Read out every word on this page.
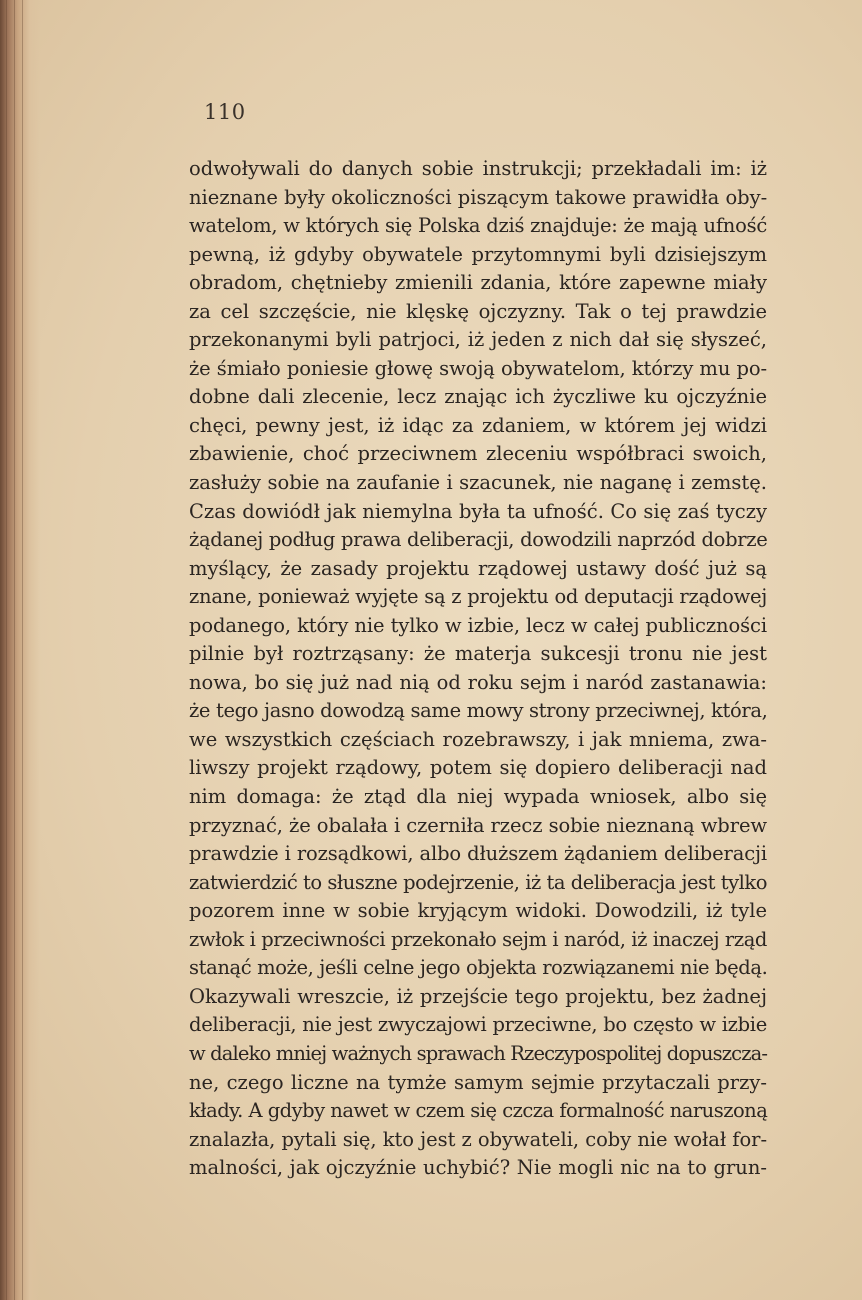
110
odwoływali do danych sobie instrukcji; przekładali im: iż
nieznane były okoliczności piszącym takowe prawidła oby-
watelom, w których się Polska dziś znajduje: że mają ufność
pewną, iż gdyby obywatele przytomnymi byli dzisiejszym
obradom, chętnieby zmienili zdania, które zapewne miały
za cel szczęście, nie klęskę ojczyzny. Tak o tej prawdzie
przekonanymi byli patrjoci, iż jeden z nich dał się słyszeć,
że śmiało poniesie głowę swoją obywatelom, którzy mu po-
dobne dali zlecenie, lecz znając ich życzliwe ku ojczyźnie
chęci, pewny jest, iż idąc za zdaniem, w którem jej widzi
zbawienie, choć przeciwnem zleceniu współbraci swoich,
zasłuży sobie na zaufanie i szacunek, nie naganę i zemstę.
Czas dowiódł jak niemylna była ta ufność. Co się zaś tyczy
żądanej podług prawa deliberacji, dowodzili naprzód dobrze
myślący, że zasady projektu rządowej ustawy dość już są
znane, ponieważ wyjęte są z projektu od deputacji rządowej
podanego, który nie tylko w izbie, lecz w całej publiczności
pilnie był roztrząsany: że materja sukcesji tronu nie jest
nowa, bo się już nad nią od roku sejm i naród zastanawia:
że tego jasno dowodzą same mowy strony przeciwnej, która,
we wszystkich częściach rozebrawszy, i jak mniema, zwa-
liwszy projekt rządowy, potem się dopiero deliberacji nad
nim domaga: że ztąd dla niej wypada wniosek, albo się
przyznać, że obalała i czerniła rzecz sobie nieznaną wbrew
prawdzie i rozsądkowi, albo dłuższem żądaniem deliberacji
zatwierdzić to słuszne podejrzenie, iż ta deliberacja jest tylko
pozorem inne w sobie kryjącym widoki. Dowodzili, iż tyle
zwłok i przeciwności przekonało sejm i naród, iż inaczej rząd
stanąć może, jeśli celne jego objekta rozwiązanemi nie będą.
Okazywali wreszcie, iż przejście tego projektu, bez żadnej
deliberacji, nie jest zwyczajowi przeciwne, bo często w izbie
w daleko mniej ważnych sprawach Rzeczypospolitej dopuszcza-
ne, czego liczne na tymże samym sejmie przytaczali przy-
kłady. A gdyby nawet w czem się czcza formalność naruszoną
znalazła, pytali się, kto jest z obywateli, coby nie wołał for-
malności, jak ojczyźnie uchybić? Nie mogli nic na to grun-
